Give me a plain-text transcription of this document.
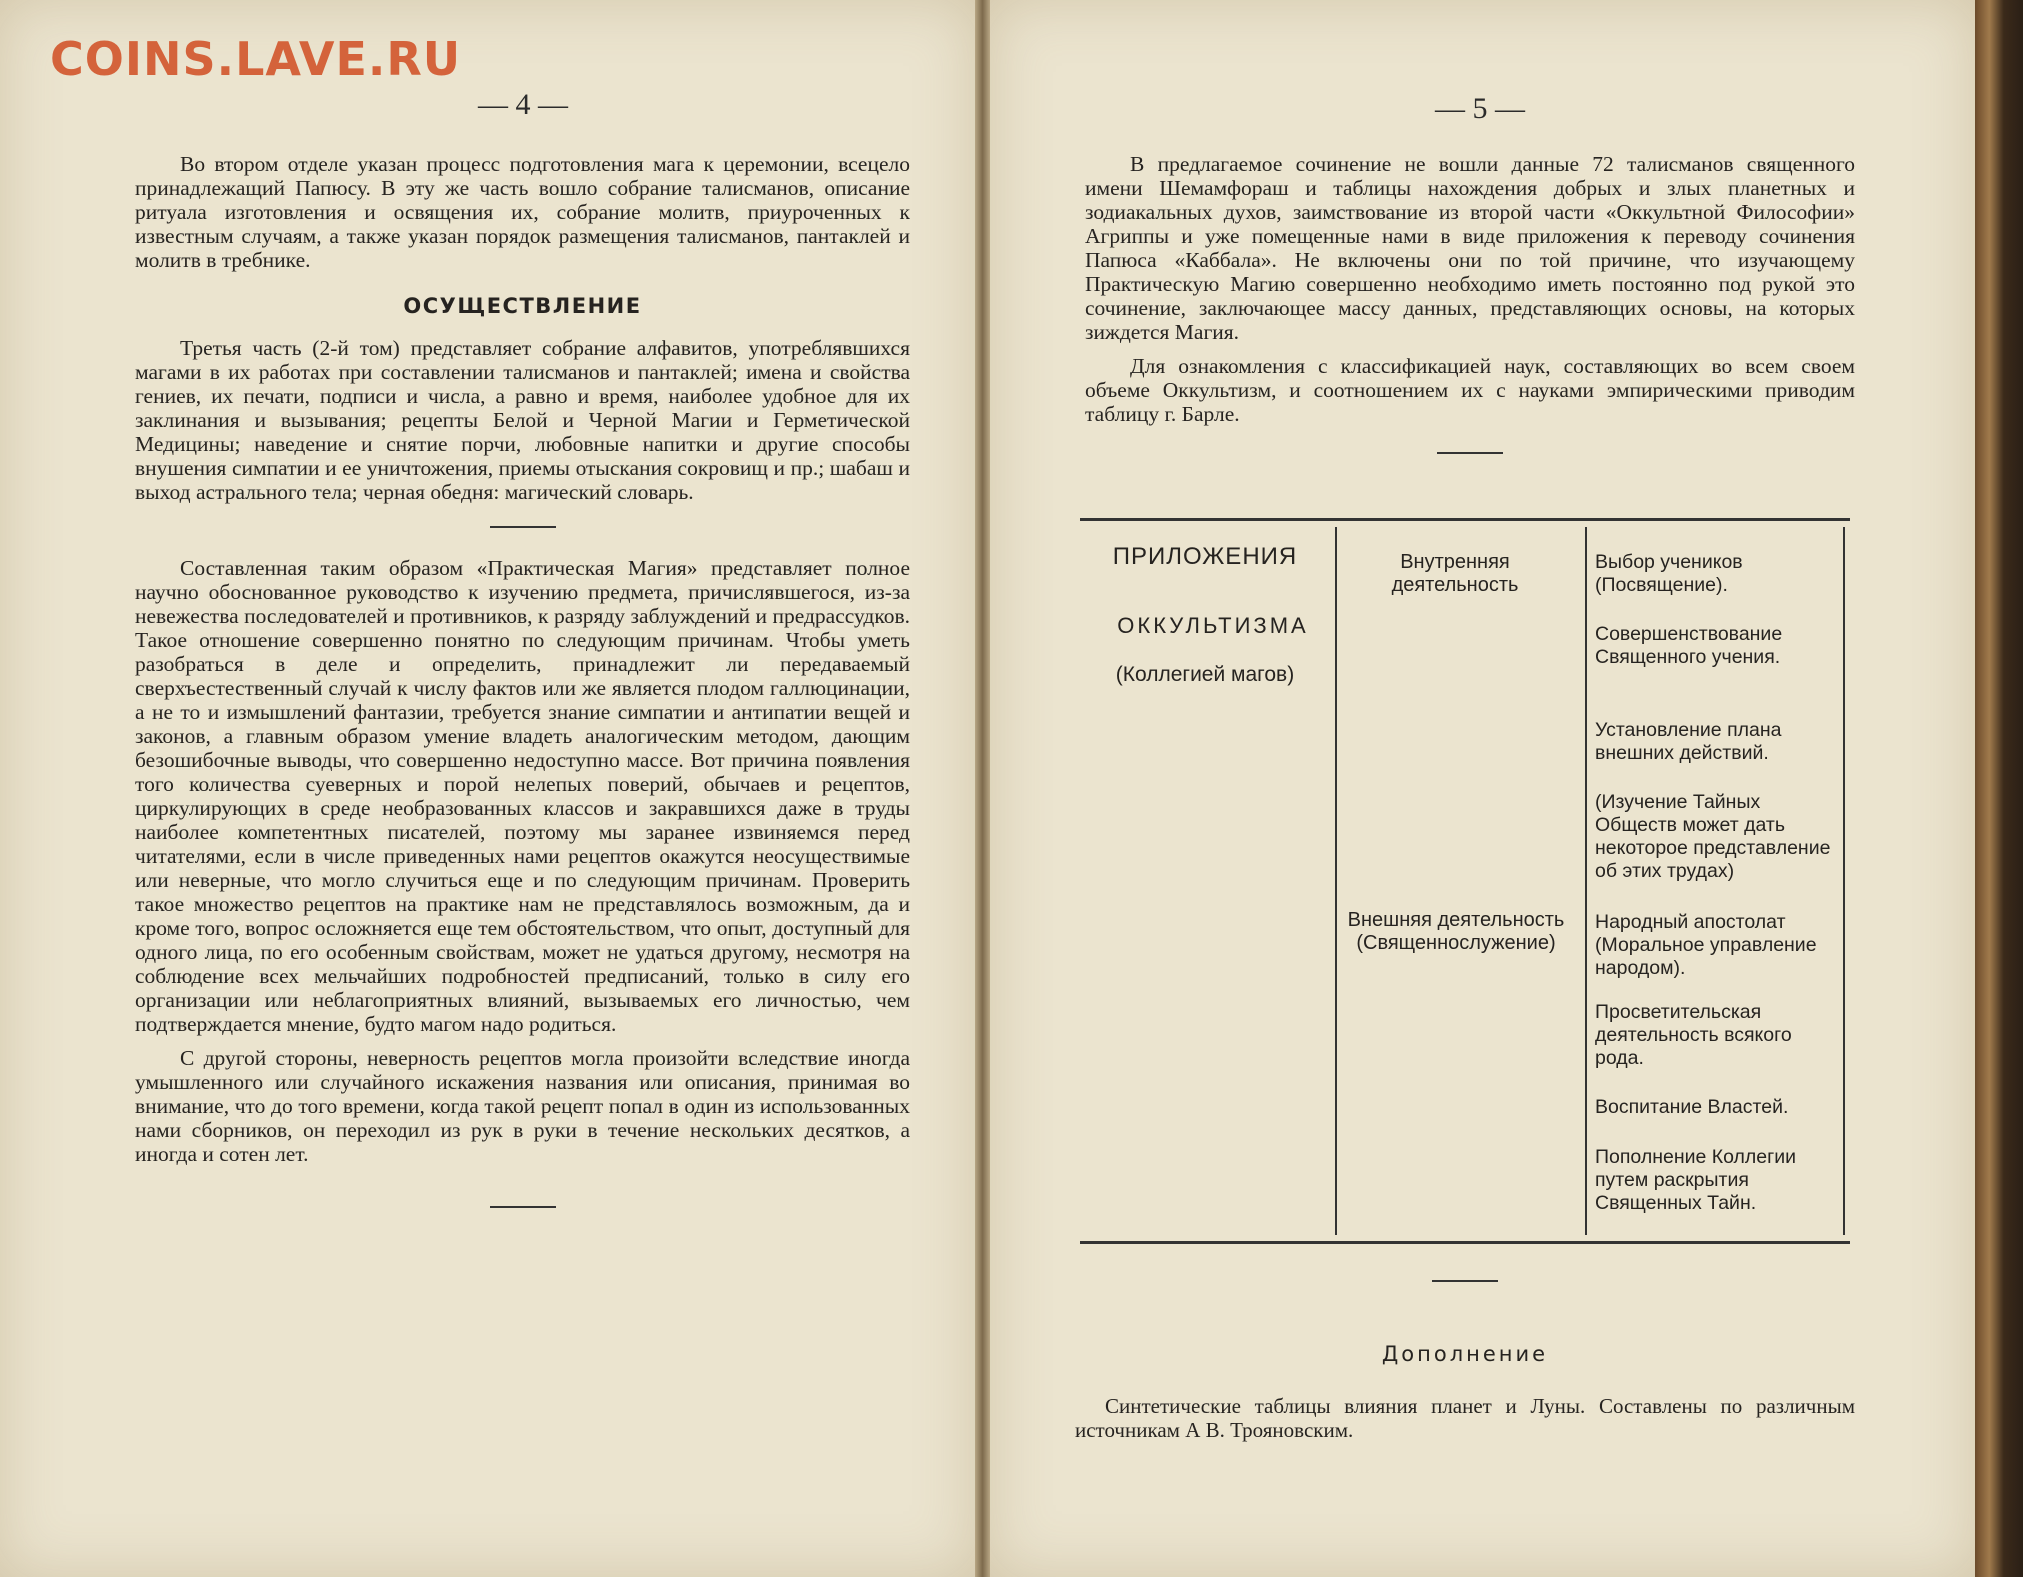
COINS.LAVE.RU
— 4 —	— 5 —

Во втором отделе указан процесс подготовления мага к церемонии, всецело принадлежащий Папюсу. В эту же часть вошло собрание талисманов, описание ритуала изготовления и освящения их, собрание молитв, приуроченных к известным случаям, а также указан порядок размещения талисманов, пантаклей и молитв в требнике.

ОСУЩЕСТВЛЕНИЕ

Третья часть (2-й том) представляет собрание алфавитов, употреблявшихся магами в их работах при составлении талисманов и пантаклей; имена и свойства гениев, их печати, подписи и числа, а равно и время, наиболее удобное для их заклинания и вызывания; рецепты Белой и Черной Магии и Герметической Медицины; наведение и снятие порчи, любовные напитки и другие способы внушения симпатии и ее уничтожения, приемы отыскания сокровищ и пр.; шабаш и выход астрального тела; черная обедня: магический словарь.

Составленная таким образом «Практическая Магия» представляет полное научно обоснованное руководство к изучению предмета, причислявшегося, из-за невежества последователей и противников, к разряду заблуждений и предрассудков. Такое отношение совершенно понятно по следующим причинам. Чтобы уметь разобраться в деле и определить, принадлежит ли передаваемый сверхъестественный случай к числу фактов или же является плодом галлюцинации, а не то и измышлений фантазии, требуется знание симпатии и антипатии вещей и законов, а главным образом умение владеть аналогическим методом, дающим безошибочные выводы, что совершенно недоступно массе. Вот причина появления того количества суеверных и порой нелепых поверий, обычаев и рецептов, циркулирующих в среде необразованных классов и закравшихся даже в труды наиболее компетентных писателей, поэтому мы заранее извиняемся перед читателями, если в числе приведенных нами рецептов окажутся неосуществимые или неверные, что могло случиться еще и по следующим причинам. Проверить такое множество рецептов на практике нам не представлялось возможным, да и кроме того, вопрос осложняется еще тем обстоятельством, что опыт, доступный для одного лица, по его особенным свойствам, может не удаться другому, несмотря на соблюдение всех мельчайших подробностей предписаний, только в силу его организации или неблагоприятных влияний, вызываемых его личностью, чем подтверждается мнение, будто магом надо родиться.

С другой стороны, неверность рецептов могла произойти вследствие иногда умышленного или случайного искажения названия или описания, принимая во внимание, что до того времени, когда такой рецепт попал в один из использованных нами сборников, он переходил из рук в руки в течение нескольких десятков, а иногда и сотен лет.

В предлагаемое сочинение не вошли данные 72 талисманов священного имени Шемамфораш и таблицы нахождения добрых и злых планетных и зодиакальных духов, заимствование из второй части «Оккультной Философии» Агриппы и уже помещенные нами в виде приложения к переводу сочинения Папюса «Каббала». Не включены они по той причине, что изучающему Практическую Магию совершенно необходимо иметь постоянно под рукой это сочинение, заключающее массу данных, представляющих основы, на которых зиждется Магия.

Для ознакомления с классификацией наук, составляющих во всем своем объеме Оккультизм, и соотношением их с науками эмпирическими приводим таблицу г. Барле.

ПРИЛОЖЕНИЯ
ОККУЛЬТИЗМА
(Коллегией магов)
Внутренняя деятельность
Внешняя деятельность (Священнослужение)
Выбор учеников (Посвящение).
Совершенствование Священного учения.
Установление плана внешних действий.
(Изучение Тайных Обществ может дать некоторое представление об этих трудах)
Народный апостолат (Моральное управление народом).
Просветительская деятельность всякого рода.
Воспитание Властей.
Пополнение Коллегии путем раскрытия Священных Тайн.
Дополнение
Синтетические таблицы влияния планет и Луны. Составлены по различным источникам А В. Трояновским.
